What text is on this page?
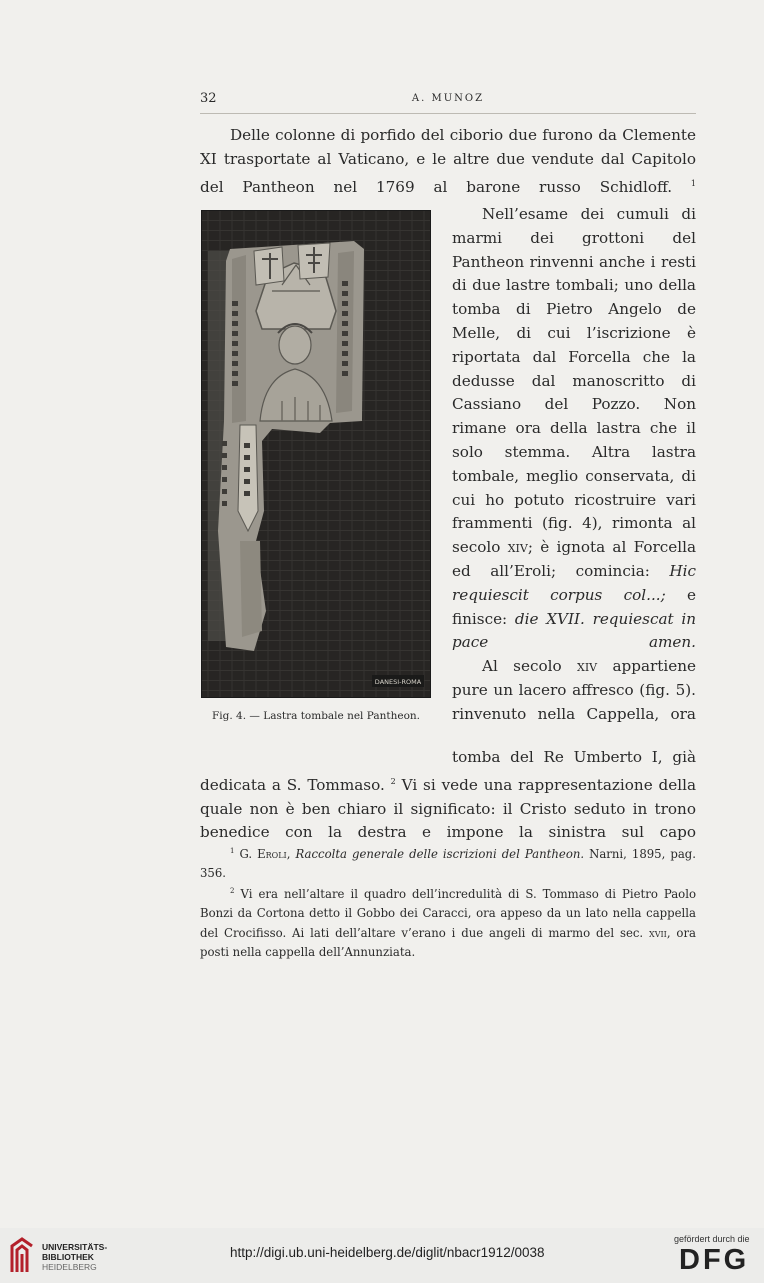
32	A. MUNOZ
Delle colonne di porfido del ciborio due furono da Clemente XI trasportate al Vaticano, e le altre due vendute dal Capitolo del Pantheon nel 1769 al barone russo Schidloff. $^1$
Nell’esame dei cumuli di marmi dei grottoni del Pantheon rinvenni anche i resti di due lastre tombali; uno della tomba di Pietro Angelo de Melle, di cui l’iscrizione è riportata dal Forcella che la dedusse dal manoscritto di Cassiano del Pozzo. Non rimane ora della lastra che il solo stemma. Altra lastra tombale, meglio conservata, di cui ho potuto ricostruire vari frammenti (fig. 4), rimonta al secolo xiv; è ignota al Forcella ed all’Eroli; comincia: Hic requiescit corpus col...; e finisce: die XVII. requiescat in pace amen.
Al secolo xiv appartiene pure un lacero affresco (fig. 5). rinvenuto nella Cappella, ora
DANESI-ROMA
Fig. 4. — Lastra tombale nel Pantheon.
tomba del Re Umberto I, già dedicata a S. Tommaso. $^2$ Vi si vede una rappresentazione della quale non è ben chiaro il significato: il Cristo seduto in trono benedice con la destra e impone la sinistra sul capo
$^1$ G. Eroli, Raccolta generale delle iscrizioni del Pantheon. Narni, 1895, pag. 356.
$^2$ Vi era nell’altare il quadro dell’incredulità di S. Tommaso di Pietro Paolo Bonzi da Cortona detto il Gobbo dei Caracci, ora appeso da un lato nella cappella del Crocifisso. Ai lati dell’altare v’erano i due angeli di marmo del sec. xvii, ora posti nella cappella dell’Annunziata.
UNIVERSITÄTS-
BIBLIOTHEK
HEIDELBERG
http://digi.ub.uni-heidelberg.de/diglit/nbacr1912/0038
gefördert durch die
DFG
